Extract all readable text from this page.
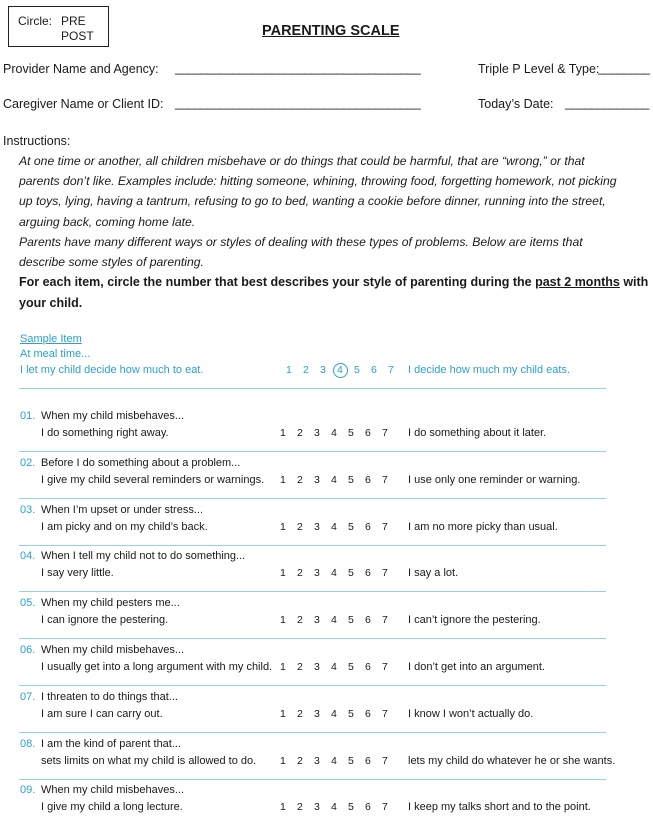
Circle: PRE
POST	PARENTING SCALE
Provider Name and Agency: ______________________________________	Triple P Level & Type:
________
Caregiver Name or Client ID: ______________________________________	Today’s Date: _____________
Instructions:
At one time or another, all children misbehave or do things that could be harmful, that are “wrong,” or that
parents don’t like. Examples include: hitting someone, whining, throwing food, forgetting homework, not picking
up toys, lying, having a tantrum, refusing to go to bed, wanting a cookie before dinner, running into the street,
arguing back, coming home late.
Parents have many different ways or styles of dealing with these types of problems. Below are items that
describe some styles of parenting.
For each item, circle the number that best describes your style of parenting during the past 2 months with
your child.
Sample Item
At meal time...
I let my child decide how much to eat.	1 2 3 4 5 6 7 I decide how much my child eats.
01. When my child misbehaves...
I do something right away.	1 2 3 4 5 6 7 I do something about it later.
02. Before I do something about a problem...
I give my child several reminders or warnings. 1 2 3 4 5 6 7 I use only one reminder or warning.
03. When I’m upset or under stress...
I am picky and on my child’s back.	1 2 3 4 5 6 7 I am no more picky than usual.
04. When I tell my child not to do something...
I say very little.	1 2 3 4 5 6 7 I say a lot.
05. When my child pesters me...
I can ignore the pestering.	1 2 3 4 5 6 7 I can’t ignore the pestering.
06. When my child misbehaves...
I usually get into a long argument with my child. 1 2 3 4 5 6 7 I don’t get into an argument.
07. I threaten to do things that...
I am sure I can carry out.	1 2 3 4 5 6 7 I know I won’t actually do.
08. I am the kind of parent that...
sets limits on what my child is allowed to do. 1 2 3 4 5 6 7 lets my child do whatever he or she wants.
09. When my child misbehaves...
I give my child a long lecture.	1 2 3 4 5 6 7 I keep my talks short and to the point.
